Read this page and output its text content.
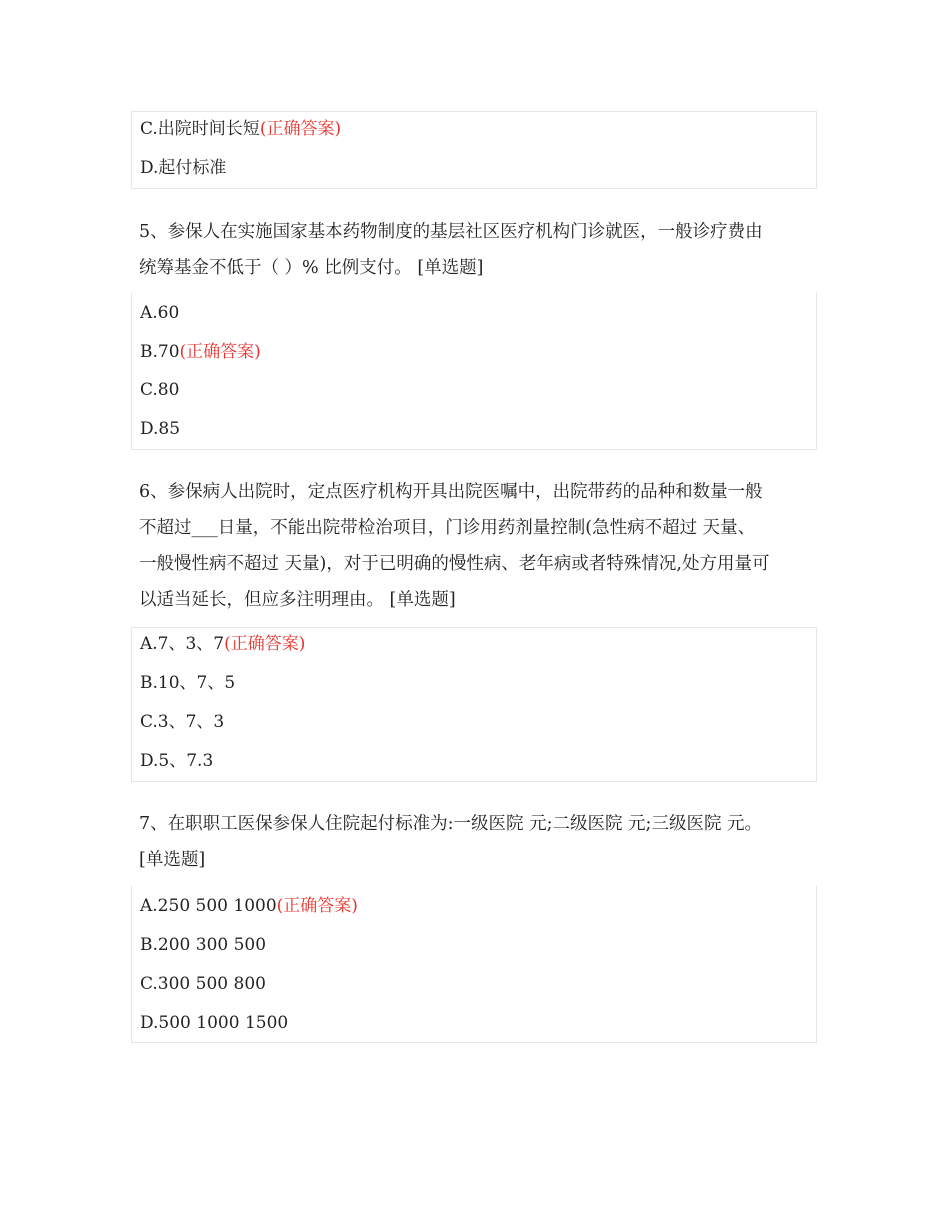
C.出院时间长短(正确答案)
D.起付标准

5、参保人在实施国家基本药物制度的基层社区医疗机构门诊就医，一般诊疗费由

统筹基金不低于（ ）% 比例支付。 [单选题]

A.60
B.70(正确答案)
C.80
D.85

6、参保病人出院时，定点医疗机构开具出院医嘱中，出院带药的品种和数量一般

不超过___日量，不能出院带检治项目，门诊用药剂量控制(急性病不超过 天量、

一般慢性病不超过 天量)，对于已明确的慢性病、老年病或者特殊情况,处方用量可

以适当延长，但应多注明理由。 [单选题]

A.7、3、7(正确答案)
B.10、7、5
C.3、7、3
D.5、7.3

7、在职职工医保参保人住院起付标准为:一级医院 元;二级医院 元;三级医院 元。

[单选题]

A.250 500 1000(正确答案)
B.200 300 500
C.300 500 800
D.500 1000 1500
